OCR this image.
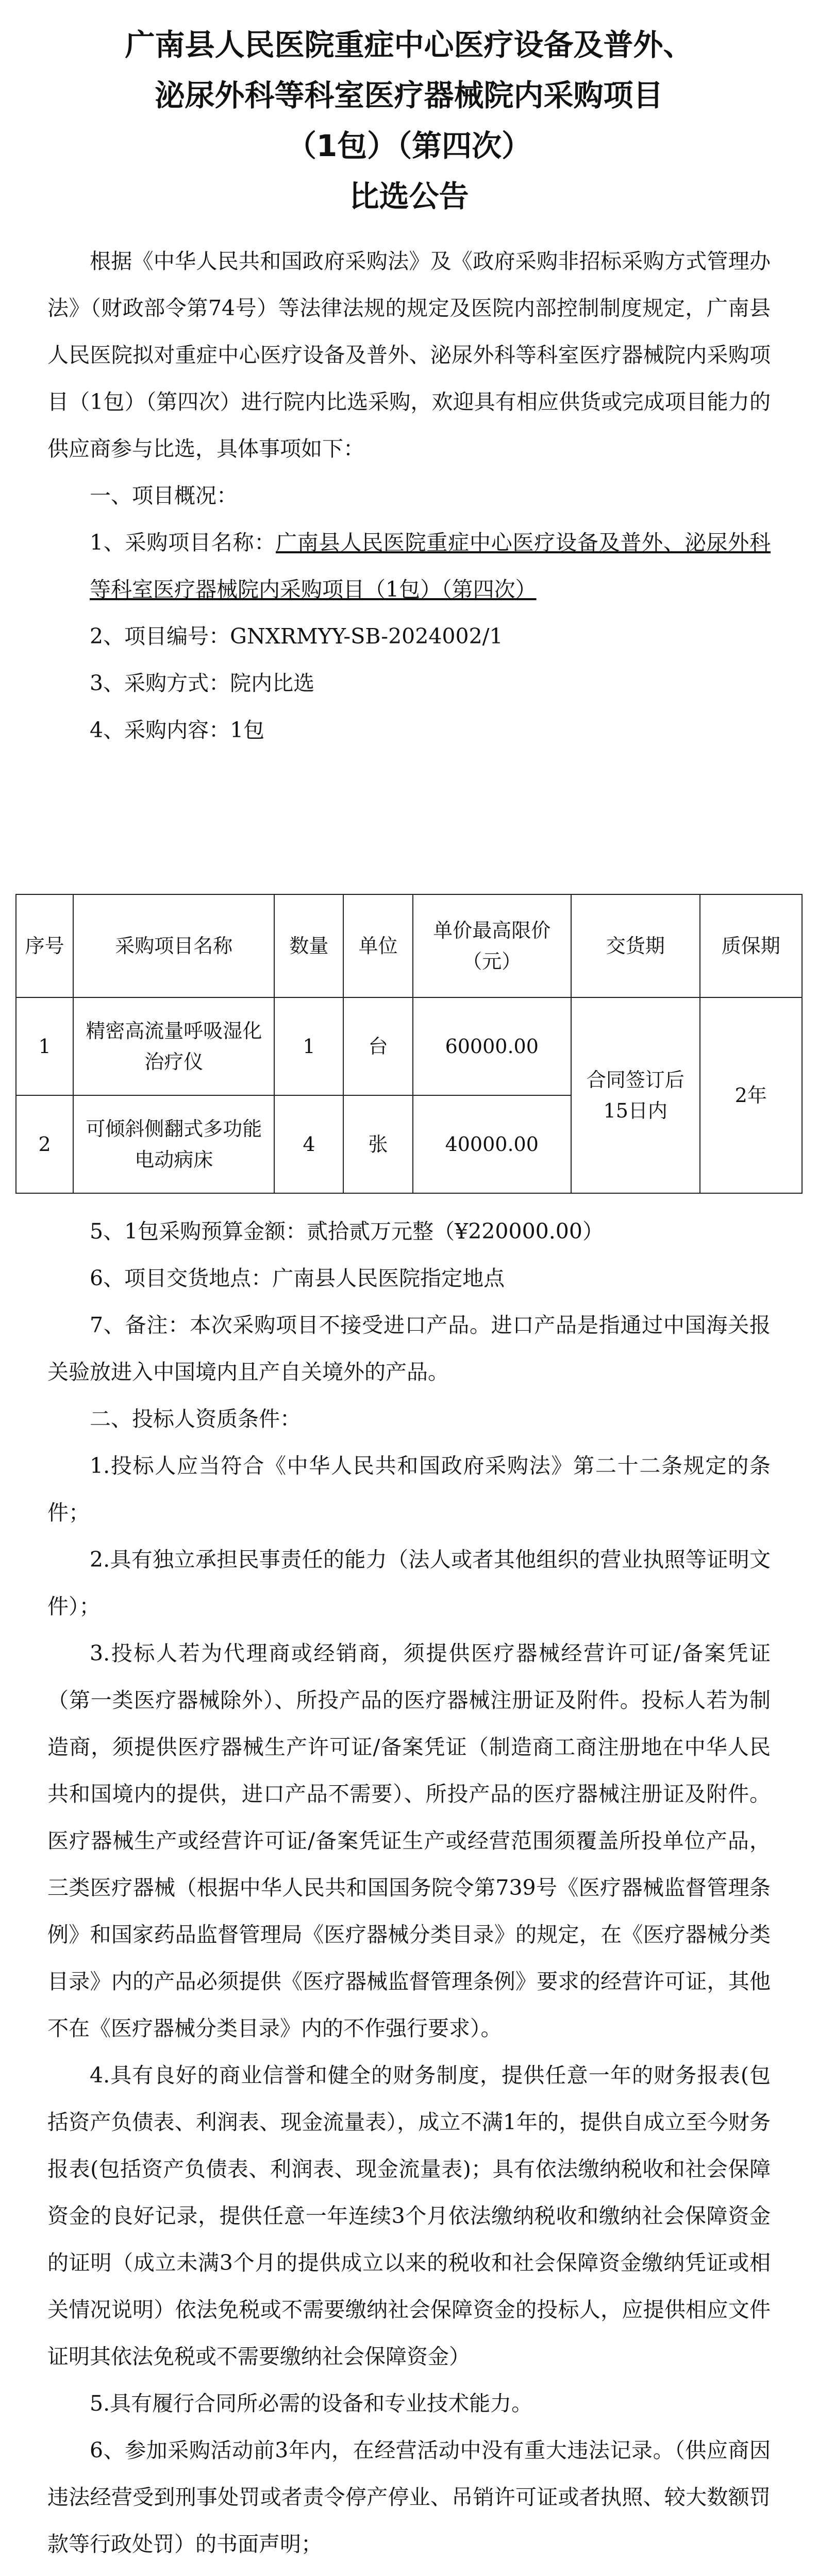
广南县人民医院重症中心医疗设备及普外、
泌尿外科等科室医疗器械院内采购项目
（1包）（第四次）
比选公告

根据《中华人民共和国政府采购法》及《政府采购非招标采购方式管理办法》（财政部令第74号）等法律法规的规定及医院内部控制制度规定，广南县人民医院拟对重症中心医疗设备及普外、泌尿外科等科室医疗器械院内采购项目（1包）（第四次）进行院内比选采购，欢迎具有相应供货或完成项目能力的供应商参与比选，具体事项如下：

一、项目概况：

1、采购项目名称：广南县人民医院重症中心医疗设备及普外、泌尿外科等科室医疗器械院内采购项目（1包）（第四次）

2、项目编号：GNXRMYY-SB-2024002/1

3、采购方式：院内比选

4、采购内容：1包

序号	采购项目名称	数量	单位	单价最高限价（元）	交货期	质保期
1	精密高流量呼吸湿化治疗仪	1	台	60000.00	合同签订后15日内	2年
2	可倾斜侧翻式多功能电动病床	4	张	40000.00		

5、1包采购预算金额：贰拾贰万元整（¥220000.00）

6、项目交货地点：广南县人民医院指定地点

7、备注：本次采购项目不接受进口产品。进口产品是指通过中国海关报关验放进入中国境内且产自关境外的产品。

二、投标人资质条件：

1.投标人应当符合《中华人民共和国政府采购法》第二十二条规定的条件；

2.具有独立承担民事责任的能力（法人或者其他组织的营业执照等证明文件）；

3.投标人若为代理商或经销商，须提供医疗器械经营许可证/备案凭证（第一类医疗器械除外）、所投产品的医疗器械注册证及附件。投标人若为制造商，须提供医疗器械生产许可证/备案凭证（制造商工商注册地在中华人民共和国境内的提供，进口产品不需要）、所投产品的医疗器械注册证及附件。医疗器械生产或经营许可证/备案凭证生产或经营范围须覆盖所投单位产品，三类医疗器械（根据中华人民共和国国务院令第739号《医疗器械监督管理条例》和国家药品监督管理局《医疗器械分类目录》的规定，在《医疗器械分类目录》内的产品必须提供《医疗器械监督管理条例》要求的经营许可证，其他不在《医疗器械分类目录》内的不作强行要求）。

4.具有良好的商业信誉和健全的财务制度，提供任意一年的财务报表(包括资产负债表、利润表、现金流量表），成立不满1年的，提供自成立至今财务报表(包括资产负债表、利润表、现金流量表)；具有依法缴纳税收和社会保障资金的良好记录，提供任意一年连续3个月依法缴纳税收和缴纳社会保障资金的证明（成立未满3个月的提供成立以来的税收和社会保障资金缴纳凭证或相关情况说明）依法免税或不需要缴纳社会保障资金的投标人，应提供相应文件证明其依法免税或不需要缴纳社会保障资金）

5.具有履行合同所必需的设备和专业技术能力。

6、参加采购活动前3年内，在经营活动中没有重大违法记录。（供应商因违法经营受到刑事处罚或者责令停产停业、吊销许可证或者执照、较大数额罚款等行政处罚）的书面声明；
